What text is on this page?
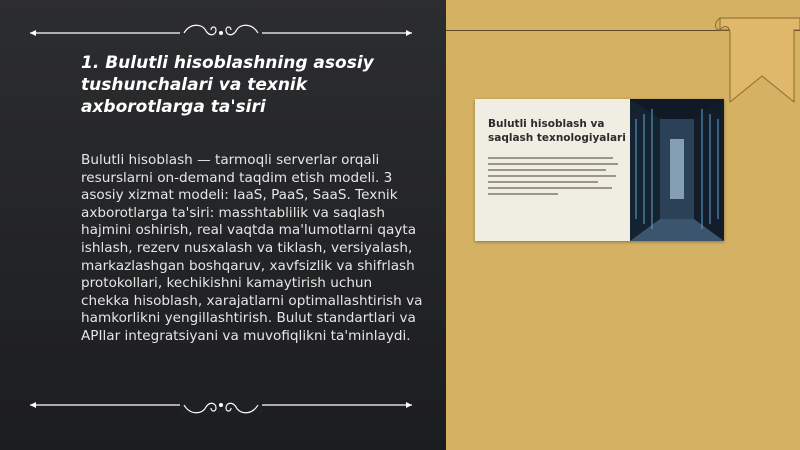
1. Bulutli hisoblashning asosiy tushunchalari va texnik axborotlarga ta'siri

Bulutli hisoblash — tarmoqli serverlar orqali resurslarni on-demand taqdim etish modeli. 3 asosiy xizmat modeli: IaaS, PaaS, SaaS. Texnik axborotlarga ta'siri: masshtablilik va saqlash hajmini oshirish, real vaqtda ma'lumotlarni qayta ishlash, rezerv nusxalash va tiklash, versiyalash, markazlashgan boshqaruv, xavfsizlik va shifrlash protokollari, kechikishni kamaytirish uchun chekka hisoblash, xarajatlarni optimallashtirish va hamkorlikni yengillashtirish. Bulut standartlari va APIlar integratsiyani va muvofiqlikni ta'minlaydi.

Bulutli hisoblash va saqlash texnologiyalari
